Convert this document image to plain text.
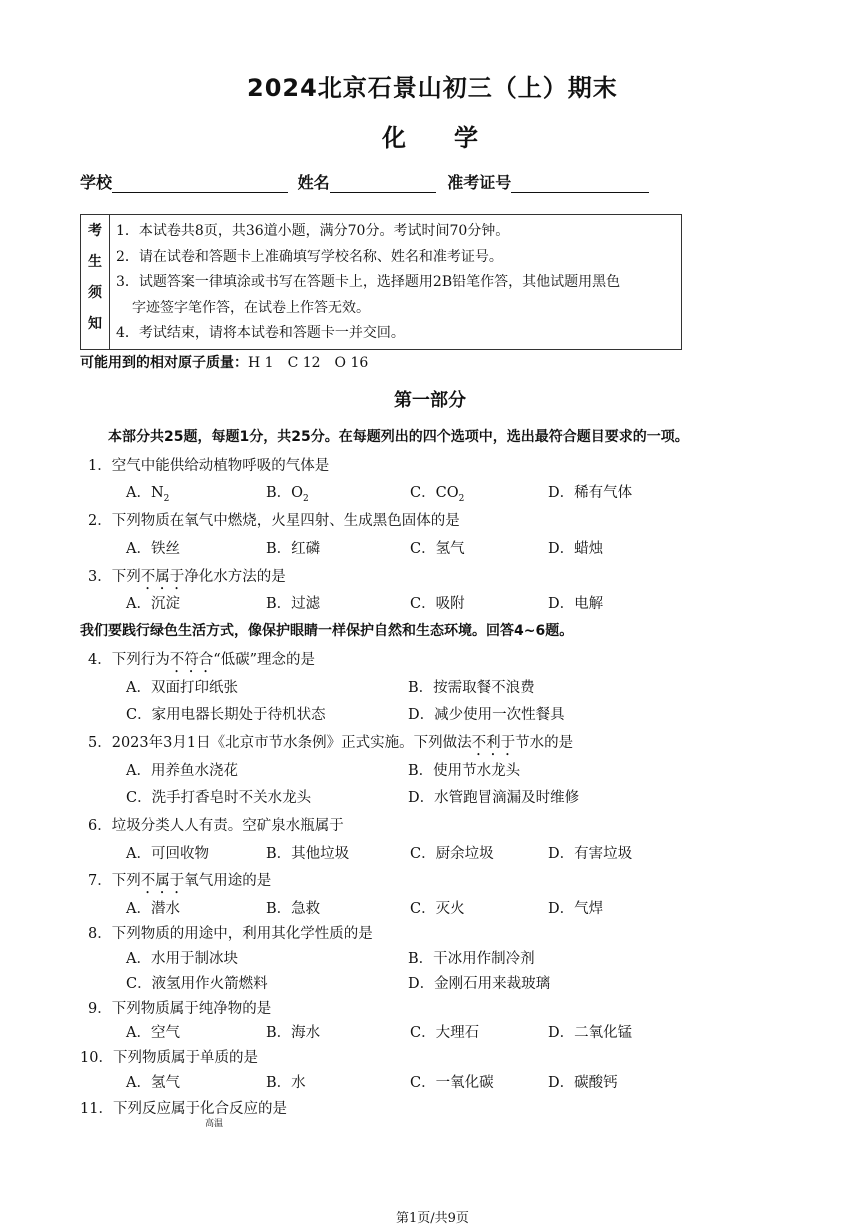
2024北京石景山初三（上）期末
化　　学
学校	姓名	准考证号
考
生
须
知

1．本试卷共8页，共36道小题，满分70分。考试时间70分钟。
2．请在试卷和答题卡上准确填写学校名称、姓名和准考证号。
3．试题答案一律填涂或书写在答题卡上，选择题用2B铅笔作答，其他试题用黑色
字迹签字笔作答，在试卷上作答无效。
4．考试结束，请将本试卷和答题卡一并交回。
可能用到的相对原子质量：H 1　C 12　O 16
第一部分
本部分共25题，每题1分，共25分。在每题列出的四个选项中，选出最符合题目要求的一项。
1．空气中能供给动植物呼吸的气体是
A．$N_2$	B．$O_2$	C．$CO_2$	D．稀有气体
2．下列物质在氧气中燃烧，火星四射、生成黑色固体的是
A．铁丝	B．红磷	C．氢气	D．蜡烛
3．下列不属于净化水方法的是
A．沉淀	B．过滤	C．吸附	D．电解
我们要践行绿色生活方式，像保护眼睛一样保护自然和生态环境。回答4~6题。
4．下列行为不符合“低碳”理念的是
A．双面打印纸张	B．按需取餐不浪费
C．家用电器长期处于待机状态	D．减少使用一次性餐具
5．2023年3月1日《北京市节水条例》正式实施。下列做法不利于节水的是
A．用养鱼水浇花	B．使用节水龙头
C．洗手打香皂时不关水龙头	D．水管跑冒滴漏及时维修
6．垃圾分类人人有责。空矿泉水瓶属于
A．可回收物	B．其他垃圾	C．厨余垃圾	D．有害垃圾
7．下列不属于氧气用途的是
A．潜水	B．急救	C．灭火	D．气焊
8．下列物质的用途中，利用其化学性质的是
A．水用于制冰块	B．干冰用作制冷剂
C．液氢用作火箭燃料	D．金刚石用来裁玻璃
9．下列物质属于纯净物的是
A．空气	B．海水	C．大理石	D．二氧化锰
10．下列物质属于单质的是
A．氢气	B．水	C．一氧化碳	D．碳酸钙
11．下列反应属于化合反应的是
高温
第1页/共9页
